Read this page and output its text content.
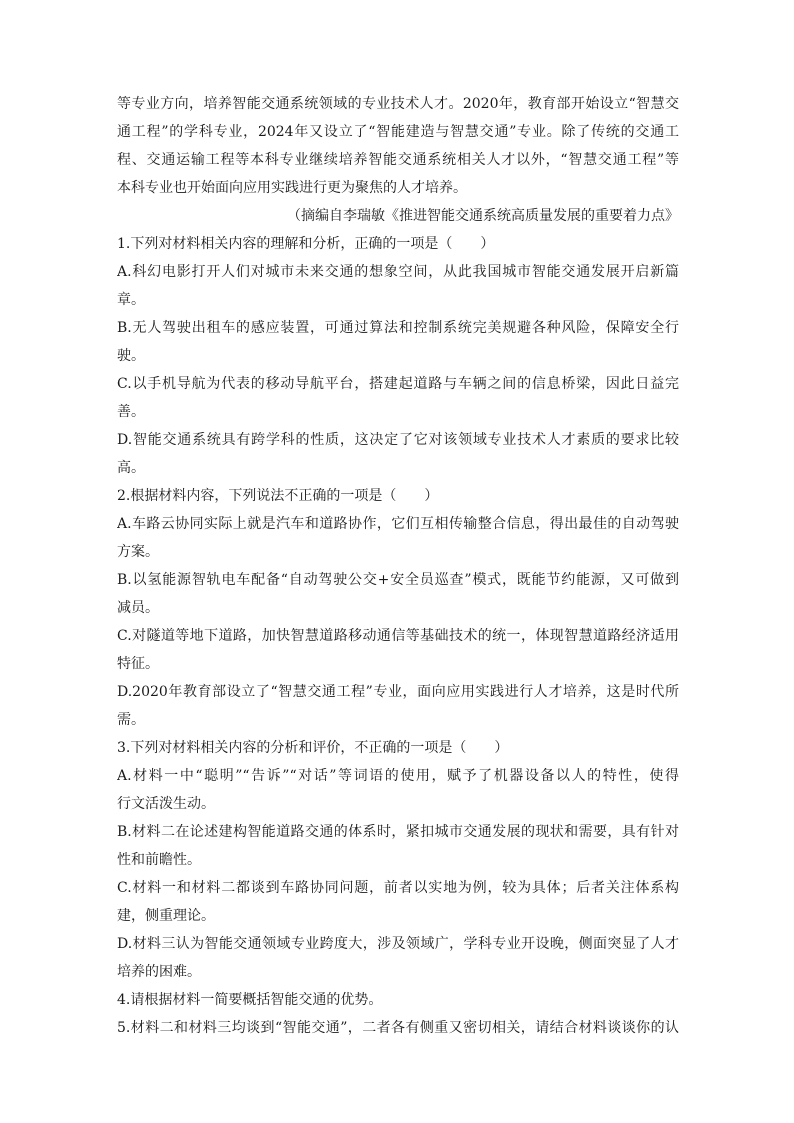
等专业方向，培养智能交通系统领域的专业技术人才。2020年，教育部开始设立“智慧交
通工程”的学科专业，2024年又设立了“智能建造与智慧交通”专业。除了传统的交通工
程、交通运输工程等本科专业继续培养智能交通系统相关人才以外，“智慧交通工程”等
本科专业也开始面向应用实践进行更为聚焦的人才培养。
（摘编自李瑞敏《推进智能交通系统高质量发展的重要着力点》
1.下列对材料相关内容的理解和分析，正确的一项是（　　）
A.科幻电影打开人们对城市未来交通的想象空间，从此我国城市智能交通发展开启新篇
章。
B.无人驾驶出租车的感应装置，可通过算法和控制系统完美规避各种风险，保障安全行
驶。
C.以手机导航为代表的移动导航平台，搭建起道路与车辆之间的信息桥梁，因此日益完
善。
D.智能交通系统具有跨学科的性质，这决定了它对该领域专业技术人才素质的要求比较
高。
2.根据材料内容，下列说法不正确的一项是（　　）
A.车路云协同实际上就是汽车和道路协作，它们互相传输整合信息，得出最佳的自动驾驶
方案。
B.以氢能源智轨电车配备“自动驾驶公交+安全员巡查”模式，既能节约能源，又可做到
减员。
C.对隧道等地下道路，加快智慧道路移动通信等基础技术的统一，体现智慧道路经济适用
特征。
D.2020年教育部设立了“智慧交通工程”专业，面向应用实践进行人才培养，这是时代所
需。
3.下列对材料相关内容的分析和评价，不正确的一项是（　　）
A.材料一中“聪明”“告诉”“对话”等词语的使用，赋予了机器设备以人的特性，使得
行文活泼生动。
B.材料二在论述建构智能道路交通的体系时，紧扣城市交通发展的现状和需要，具有针对
性和前瞻性。
C.材料一和材料二都谈到车路协同问题，前者以实地为例，较为具体；后者关注体系构
建，侧重理论。
D.材料三认为智能交通领域专业跨度大，涉及领域广，学科专业开设晚，侧面突显了人才
培养的困难。
4.请根据材料一简要概括智能交通的优势。
5.材料二和材料三均谈到“智能交通”，二者各有侧重又密切相关，请结合材料谈谈你的认
